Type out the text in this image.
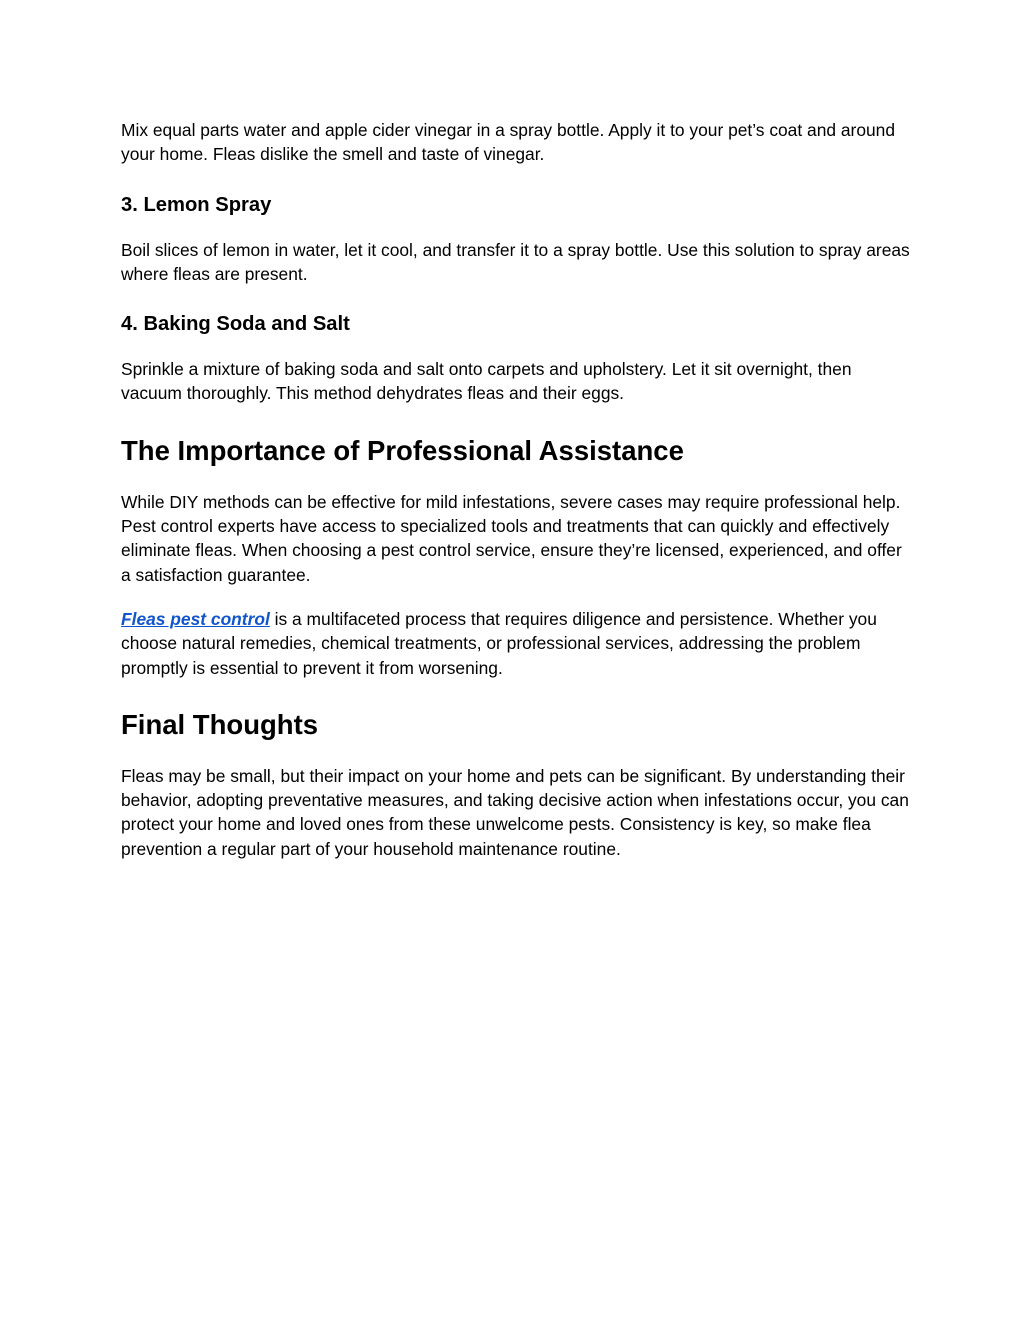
Mix equal parts water and apple cider vinegar in a spray bottle. Apply it to your pet’s coat and around your home. Fleas dislike the smell and taste of vinegar.

3. Lemon Spray

Boil slices of lemon in water, let it cool, and transfer it to a spray bottle. Use this solution to spray areas where fleas are present.

4. Baking Soda and Salt

Sprinkle a mixture of baking soda and salt onto carpets and upholstery. Let it sit overnight, then vacuum thoroughly. This method dehydrates fleas and their eggs.

The Importance of Professional Assistance

While DIY methods can be effective for mild infestations, severe cases may require professional help. Pest control experts have access to specialized tools and treatments that can quickly and effectively eliminate fleas. When choosing a pest control service, ensure they’re licensed, experienced, and offer a satisfaction guarantee.

Fleas pest control is a multifaceted process that requires diligence and persistence. Whether you choose natural remedies, chemical treatments, or professional services, addressing the problem promptly is essential to prevent it from worsening.

Final Thoughts

Fleas may be small, but their impact on your home and pets can be significant. By understanding their behavior, adopting preventative measures, and taking decisive action when infestations occur, you can protect your home and loved ones from these unwelcome pests. Consistency is key, so make flea prevention a regular part of your household maintenance routine.
